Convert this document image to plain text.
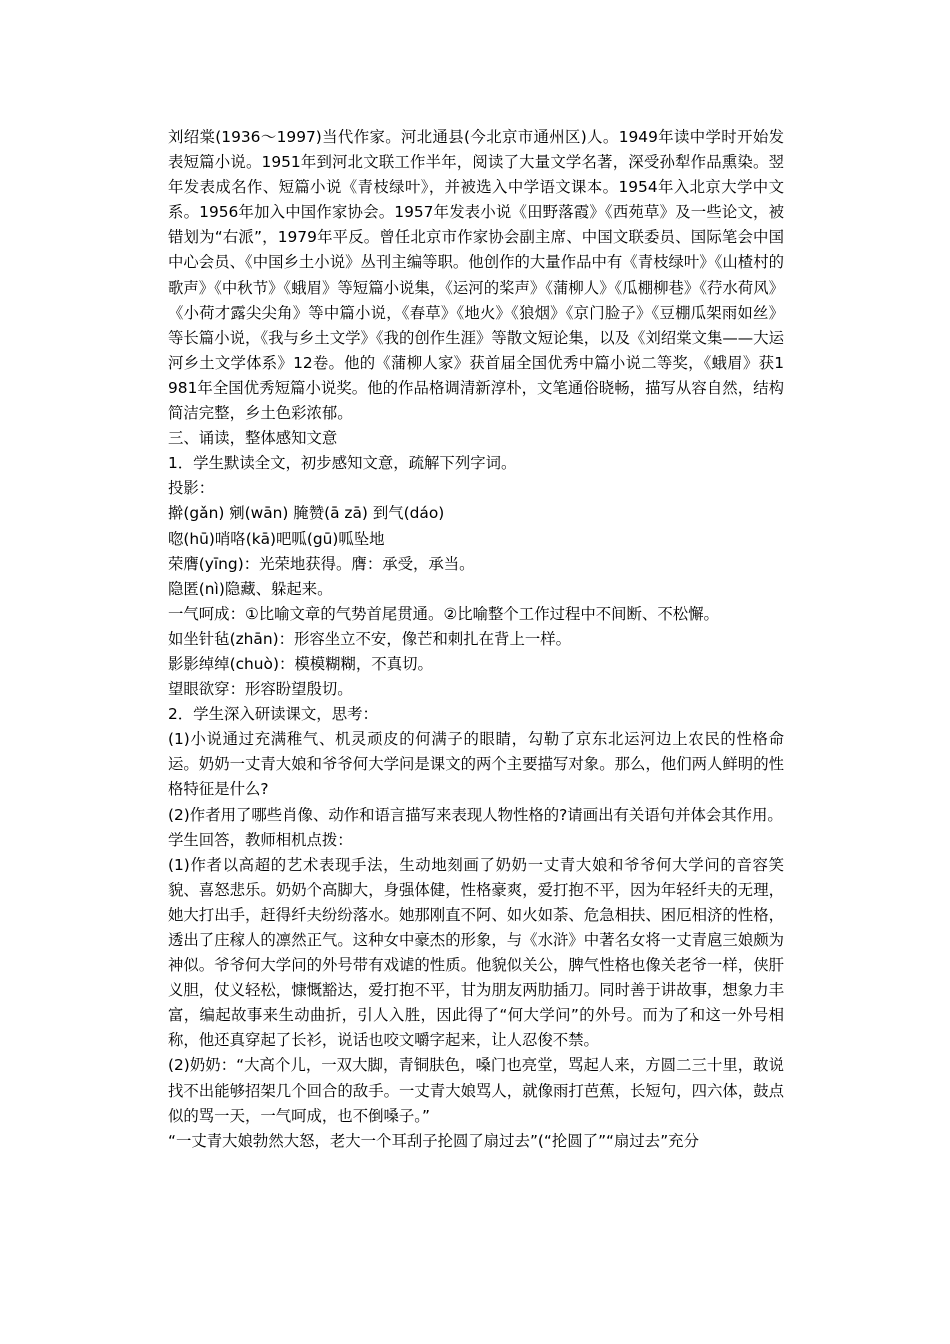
刘绍棠(1936～1997)当代作家。河北通县(今北京市通州区)人。1949年读中学时开始发表短篇小说。1951年到河北文联工作半年，阅读了大量文学名著，深受孙犁作品熏染。翌年发表成名作、短篇小说《青枝绿叶》，并被选入中学语文课本。1954年入北京大学中文系。1956年加入中国作家协会。1957年发表小说《田野落霞》《西苑草》及一些论文，被错划为“右派”，1979年平反。曾任北京市作家协会副主席、中国文联委员、国际笔会中国中心会员、《中国乡土小说》丛刊主编等职。他创作的大量作品中有《青枝绿叶》《山楂村的歌声》《中秋节》《蛾眉》等短篇小说集，《运河的桨声》《蒲柳人》《瓜棚柳巷》《荇水荷风》《小荷才露尖尖角》等中篇小说，《春草》《地火》《狼烟》《京门脸子》《豆棚瓜架雨如丝》等长篇小说，《我与乡土文学》《我的创作生涯》等散文短论集，以及《刘绍棠文集——大运河乡土文学体系》12卷。他的《蒲柳人家》获首届全国优秀中篇小说二等奖，《蛾眉》获1981年全国优秀短篇小说奖。他的作品格调清新淳朴，文笔通俗晓畅，描写从容自然，结构简洁完整，乡土色彩浓郁。

三、诵读，整体感知文意

1．学生默读全文，初步感知文意，疏解下列字词。

投影：

擀(gǎn) 剜(wān) 腌赞(ā zā) 到气(dáo)

唿(hū)哨咯(kā)吧呱(gū)呱坠地

荣膺(yīng)：光荣地获得。膺：承受，承当。

隐匿(nì)隐藏、躲起来。

一气呵成：①比喻文章的气势首尾贯通。②比喻整个工作过程中不间断、不松懈。

如坐针毡(zhān)：形容坐立不安，像芒和刺扎在背上一样。

影影绰绰(chuò)：模模糊糊，不真切。

望眼欲穿：形容盼望殷切。

2．学生深入研读课文，思考：

(1)小说通过充满稚气、机灵顽皮的何满子的眼睛，勾勒了京东北运河边上农民的性格命运。奶奶一丈青大娘和爷爷何大学问是课文的两个主要描写对象。那么，他们两人鲜明的性格特征是什么?

(2)作者用了哪些肖像、动作和语言描写来表现人物性格的?请画出有关语句并体会其作用。

学生回答，教师相机点拨：

(1)作者以高超的艺术表现手法，生动地刻画了奶奶一丈青大娘和爷爷何大学问的音容笑貌、喜怒悲乐。奶奶个高脚大，身强体健，性格豪爽，爱打抱不平，因为年轻纤夫的无理，她大打出手，赶得纤夫纷纷落水。她那刚直不阿、如火如荼、危急相扶、困厄相济的性格，透出了庄稼人的凛然正气。这种女中豪杰的形象，与《水浒》中著名女将一丈青扈三娘颇为神似。爷爷何大学问的外号带有戏谑的性质。他貌似关公，脾气性格也像关老爷一样，侠肝义胆，仗义轻松，慷慨豁达，爱打抱不平，甘为朋友两肋插刀。同时善于讲故事，想象力丰富，编起故事来生动曲折，引人入胜，因此得了“何大学问”的外号。而为了和这一外号相称，他还真穿起了长衫，说话也咬文嚼字起来，让人忍俊不禁。

(2)奶奶：“大高个儿，一双大脚，青铜肤色，嗓门也亮堂，骂起人来，方圆二三十里，敢说找不出能够招架几个回合的敌手。一丈青大娘骂人，就像雨打芭蕉，长短句，四六体，鼓点似的骂一天，一气呵成，也不倒嗓子。”

“一丈青大娘勃然大怒，老大一个耳刮子抡圆了扇过去”(“抡圆了”“扇过去”充分
